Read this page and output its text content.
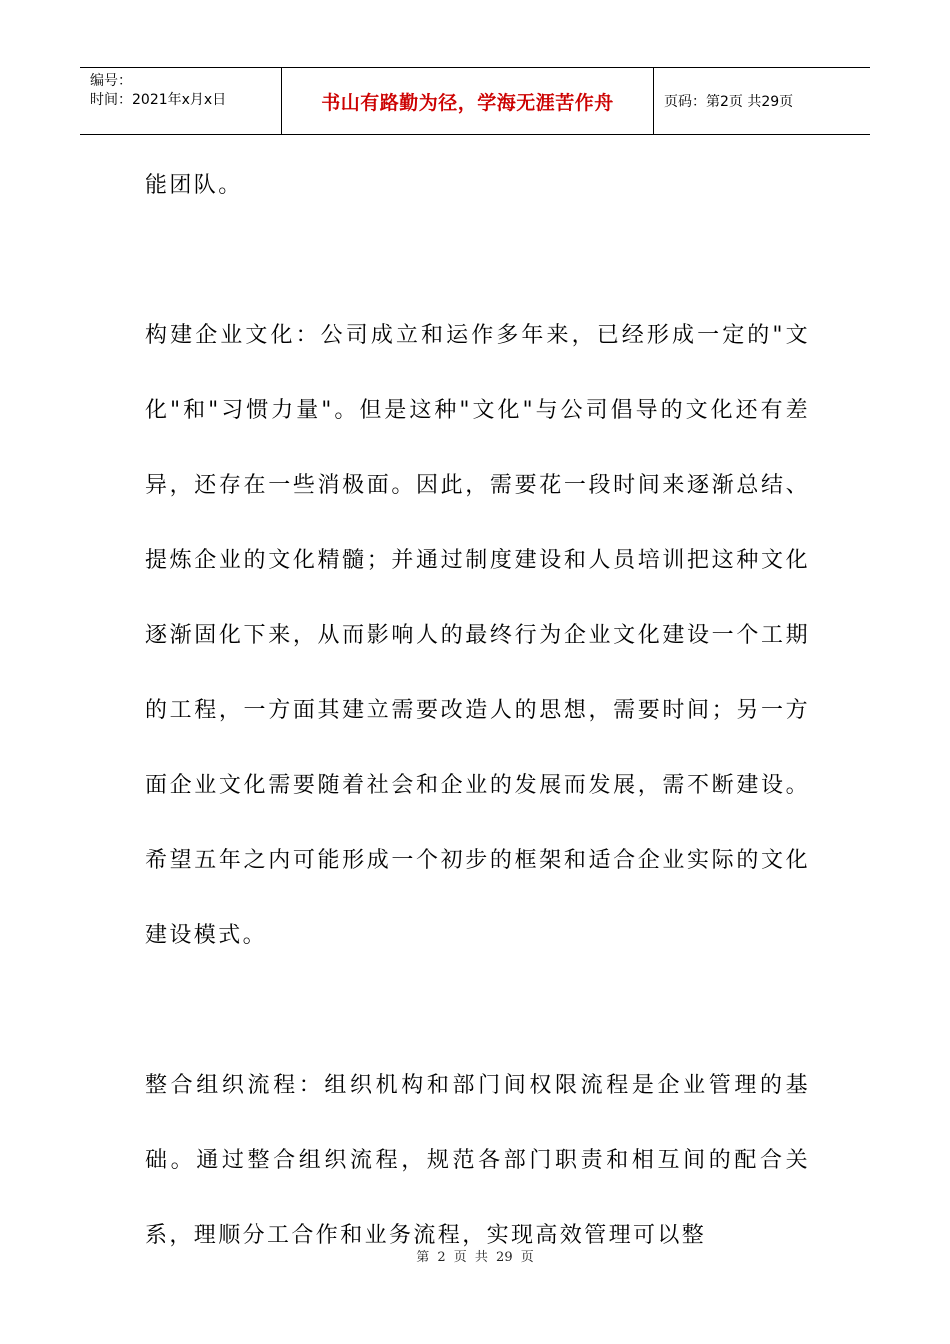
编号：
时间：2021年x月x日	书山有路勤为径，学海无涯苦作舟	页码：第2页 共29页

能团队。

构建企业文化：公司成立和运作多年来，已经形成一定的"文化"和"习惯力量"。但是这种"文化"与公司倡导的文化还有差异，还存在一些消极面。因此，需要花一段时间来逐渐总结、提炼企业的文化精髓；并通过制度建设和人员培训把这种文化逐渐固化下来，从而影响人的最终行为企业文化建设一个工期的工程，一方面其建立需要改造人的思想，需要时间；另一方面企业文化需要随着社会和企业的发展而发展，需不断建设。希望五年之内可能形成一个初步的框架和适合企业实际的文化建设模式。

整合组织流程：组织机构和部门间权限流程是企业管理的基础。通过整合组织流程，规范各部门职责和相互间的配合关系，理顺分工合作和业务流程，实现高效管理可以整

第 2 页 共 29 页
